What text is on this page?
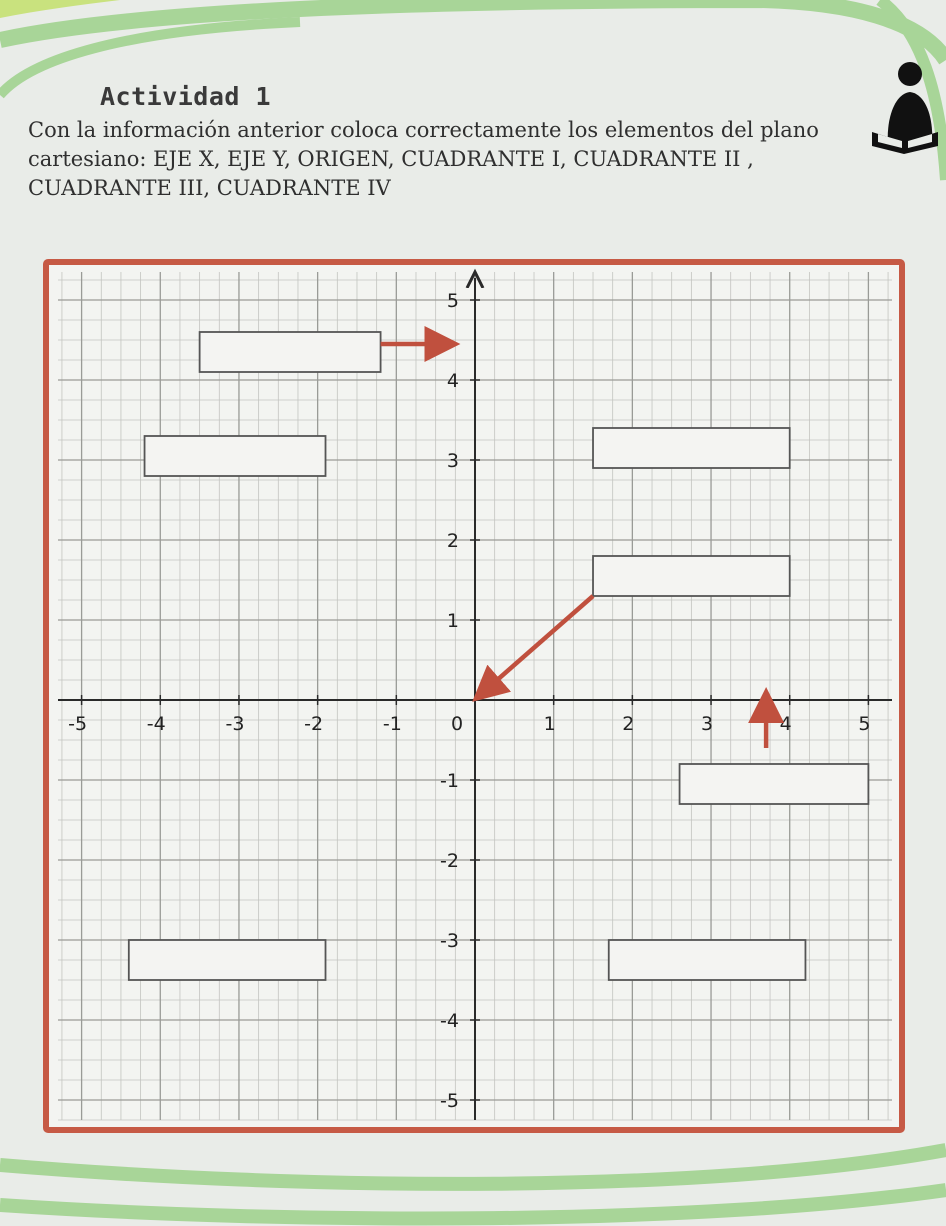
Actividad 1

Con la información anterior coloca correctamente los elementos del plano

cartesiano: EJE X, EJE Y, ORIGEN, CUADRANTE I, CUADRANTE II ,

CUADRANTE III, CUADRANTE IV

-5	-4	-3	-2	-1	0	1	2	3	4	5
5
4
3
2
1
-1
-2
-3
-4
-5
